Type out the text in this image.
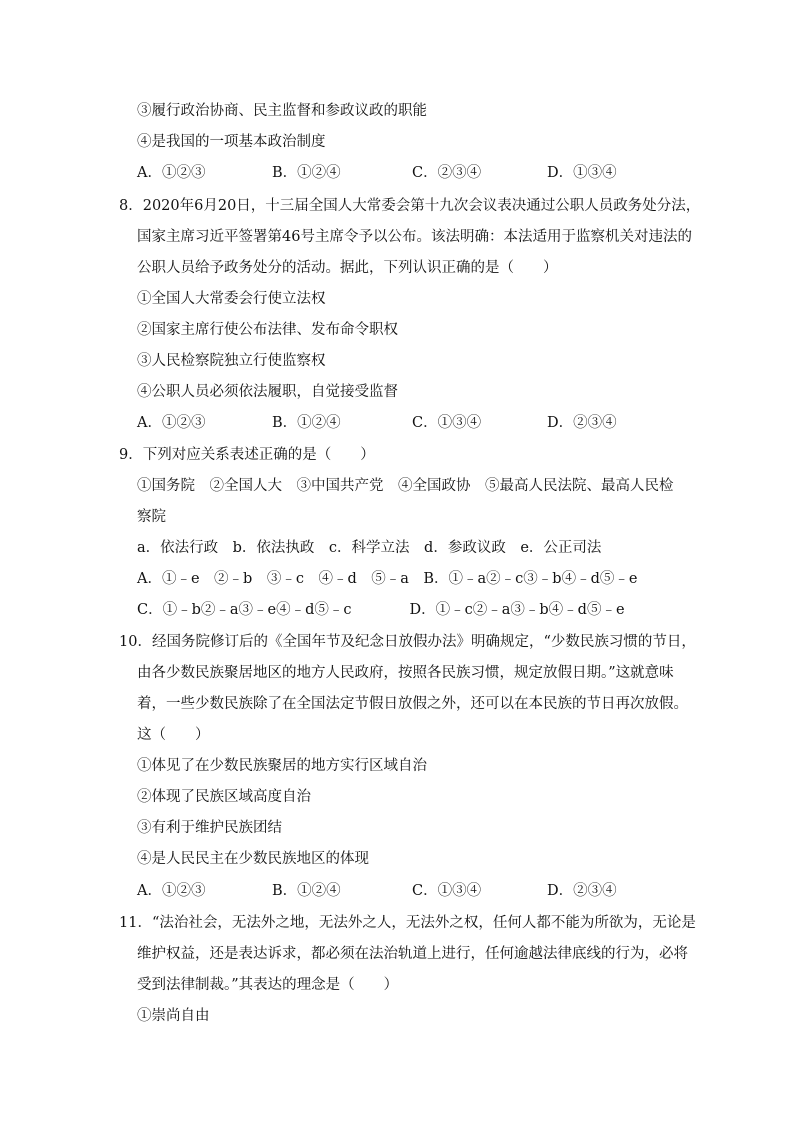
③履行政治协商、民主监督和参政议政的职能
④是我国的一项基本政治制度
A．①②③	B．①②④	C．②③④	D．①③④
8．2020年6月20日，十三届全国人大常委会第十九次会议表决通过公职人员政务处分法，
国家主席习近平签署第46号主席令予以公布。该法明确：本法适用于监察机关对违法的
公职人员给予政务处分的活动。据此，下列认识正确的是（　　）
①全国人大常委会行使立法权
②国家主席行使公布法律、发布命令职权
③人民检察院独立行使监察权
④公职人员必须依法履职，自觉接受监督
A．①②③	B．①②④	C．①③④	D．②③④
9．下列对应关系表述正确的是（　　）
①国务院　②全国人大　③中国共产党　④全国政协　⑤最高人民法院、最高人民检
察院
a．依法行政　b．依法执政　c．科学立法　d．参政议政　e．公正司法
A．①﹣e　②﹣b　③﹣c　④﹣d　⑤﹣a　B．①﹣a②﹣c③﹣b④﹣d⑤﹣e
C．①﹣b②﹣a③﹣e④﹣d⑤﹣c　　　　D．①﹣c②﹣a③﹣b④﹣d⑤﹣e
10．经国务院修订后的《全国年节及纪念日放假办法》明确规定，“少数民族习惯的节日，
由各少数民族聚居地区的地方人民政府，按照各民族习惯，规定放假日期。”这就意味
着，一些少数民族除了在全国法定节假日放假之外，还可以在本民族的节日再次放假。
这（　　）
①体见了在少数民族聚居的地方实行区域自治
②体现了民族区域高度自治
③有利于维护民族团结
④是人民民主在少数民族地区的体现
A．①②③	B．①②④	C．①③④	D．②③④
11．“法治社会，无法外之地，无法外之人，无法外之权，任何人都不能为所欲为，无论是
维护权益，还是表达诉求，都必须在法治轨道上进行，任何逾越法律底线的行为，必将
受到法律制裁。”其表达的理念是（　　）
①崇尚自由
